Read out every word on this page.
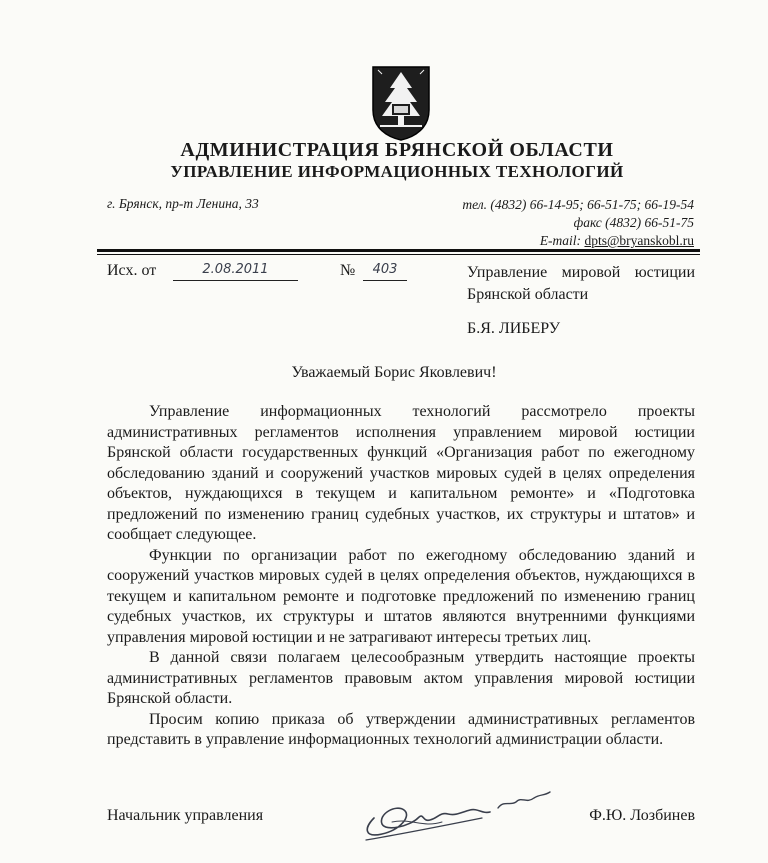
АДМИНИСТРАЦИЯ БРЯНСКОЙ ОБЛАСТИ
УПРАВЛЕНИЕ ИНФОРМАЦИОННЫХ ТЕХНОЛОГИЙ
г. Брянск, пр-т Ленина, 33	тел. (4832) 66-14-95; 66-51-75; 66-19-54
факс (4832) 66-51-75
E-mail: dpts@bryanskobl.ru
Исх. от	2.08.2011	№	403	Управление мировой юстиции Брянской области
Б.Я. ЛИБЕРУ
Уважаемый Борис Яковлевич!

Управление информационных технологий рассмотрело проекты административных регламентов исполнения управлением мировой юстиции Брянской области государственных функций «Организация работ по ежегодному обследованию зданий и сооружений участков мировых судей в целях определения объектов, нуждающихся в текущем и капитальном ремонте» и «Подготовка предложений по изменению границ судебных участков, их структуры и штатов» и сообщает следующее.

Функции по организации работ по ежегодному обследованию зданий и сооружений участков мировых судей в целях определения объектов, нуждающихся в текущем и капитальном ремонте и подготовке предложений по изменению границ судебных участков, их структуры и штатов являются внутренними функциями управления мировой юстиции и не затрагивают интересы третьих лиц.

В данной связи полагаем целесообразным утвердить настоящие проекты административных регламентов правовым актом управления мировой юстиции Брянской области.

Просим копию приказа об утверждении административных регламентов представить в управление информационных технологий администрации области.

Начальник управления	Ф.Ю. Лозбинев
